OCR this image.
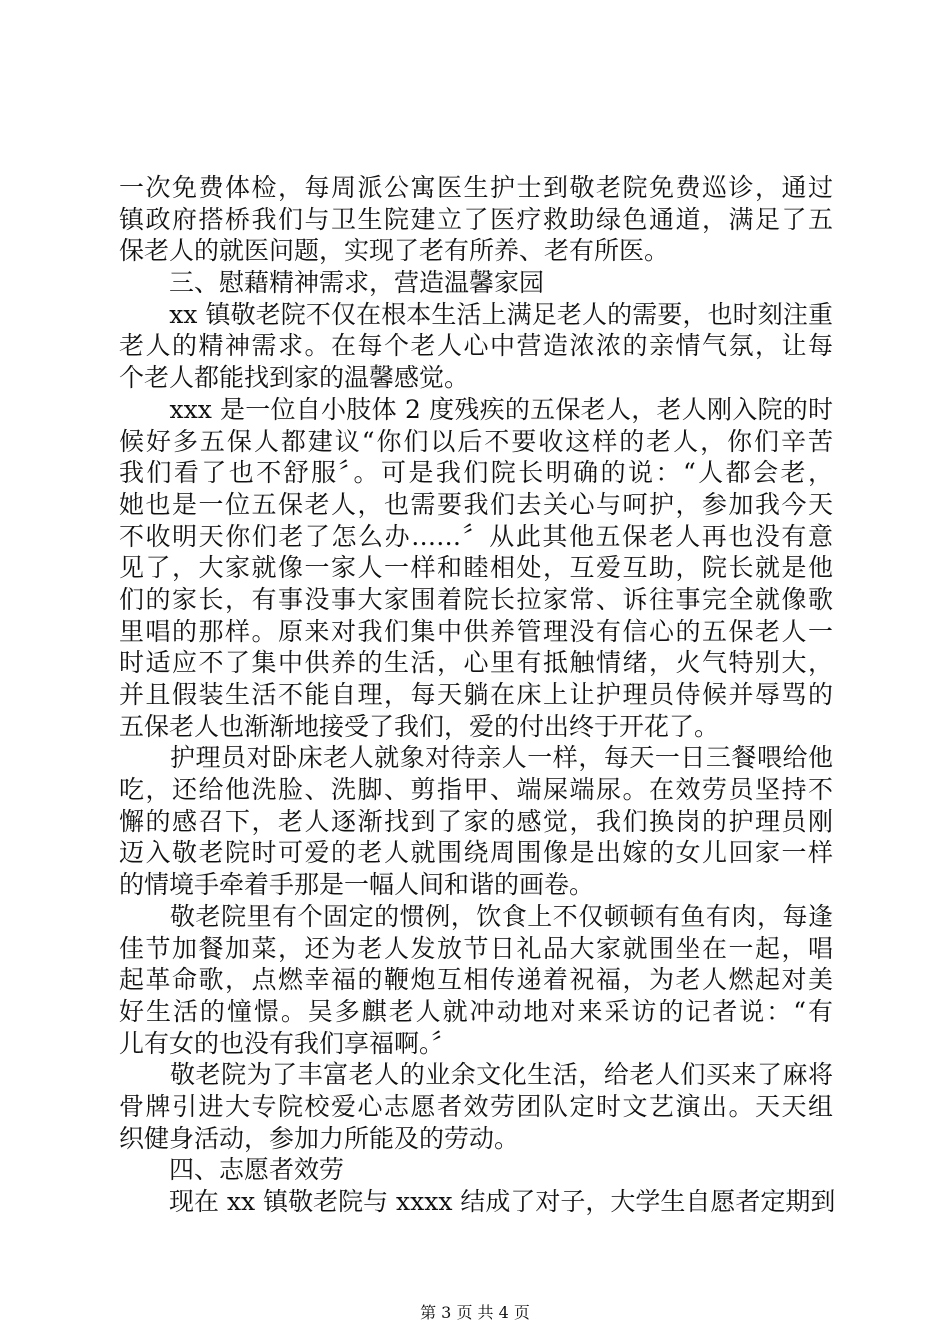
一次免费体检，每周派公寓医生护士到敬老院免费巡诊，通过
镇政府搭桥我们与卫生院建立了医疗救助绿色通道，满足了五
保老人的就医问题，实现了老有所养、老有所医。
　　三、慰藉精神需求，营造温馨家园
　　xx 镇敬老院不仅在根本生活上满足老人的需要，也时刻注重
老人的精神需求。在每个老人心中营造浓浓的亲情气氛，让每
个老人都能找到家的温馨感觉。
　　xxx 是一位自小肢体 2 度残疾的五保老人，老人刚入院的时
候好多五保人都建议“你们以后不要收这样的老人，你们辛苦
我们看了也不舒服〞。可是我们院长明确的说：“人都会老，
她也是一位五保老人，也需要我们去关心与呵护，参加我今天
不收明天你们老了怎么办……〞从此其他五保老人再也没有意
见了，大家就像一家人一样和睦相处，互爱互助，院长就是他
们的家长，有事没事大家围着院长拉家常、诉往事完全就像歌
里唱的那样。原来对我们集中供养管理没有信心的五保老人一
时适应不了集中供养的生活，心里有抵触情绪，火气特别大，
并且假装生活不能自理，每天躺在床上让护理员侍候并辱骂的
五保老人也渐渐地接受了我们，爱的付出终于开花了。
　　护理员对卧床老人就象对待亲人一样，每天一日三餐喂给他
吃，还给他洗脸、洗脚、剪指甲、端屎端尿。在效劳员坚持不
懈的感召下，老人逐渐找到了家的感觉，我们换岗的护理员刚
迈入敬老院时可爱的老人就围绕周围像是出嫁的女儿回家一样
的情境手牵着手那是一幅人间和谐的画卷。
　　敬老院里有个固定的惯例，饮食上不仅顿顿有鱼有肉，每逢
佳节加餐加菜，还为老人发放节日礼品大家就围坐在一起，唱
起革命歌，点燃幸福的鞭炮互相传递着祝福，为老人燃起对美
好生活的憧憬。吴多麒老人就冲动地对来采访的记者说：“有
儿有女的也没有我们享福啊。〞
　　敬老院为了丰富老人的业余文化生活，给老人们买来了麻将
骨牌引进大专院校爱心志愿者效劳团队定时文艺演出。天天组
织健身活动，参加力所能及的劳动。
　　四、志愿者效劳
　　现在 xx 镇敬老院与 xxxx 结成了对子，大学生自愿者定期到
第 3 页 共 4 页
